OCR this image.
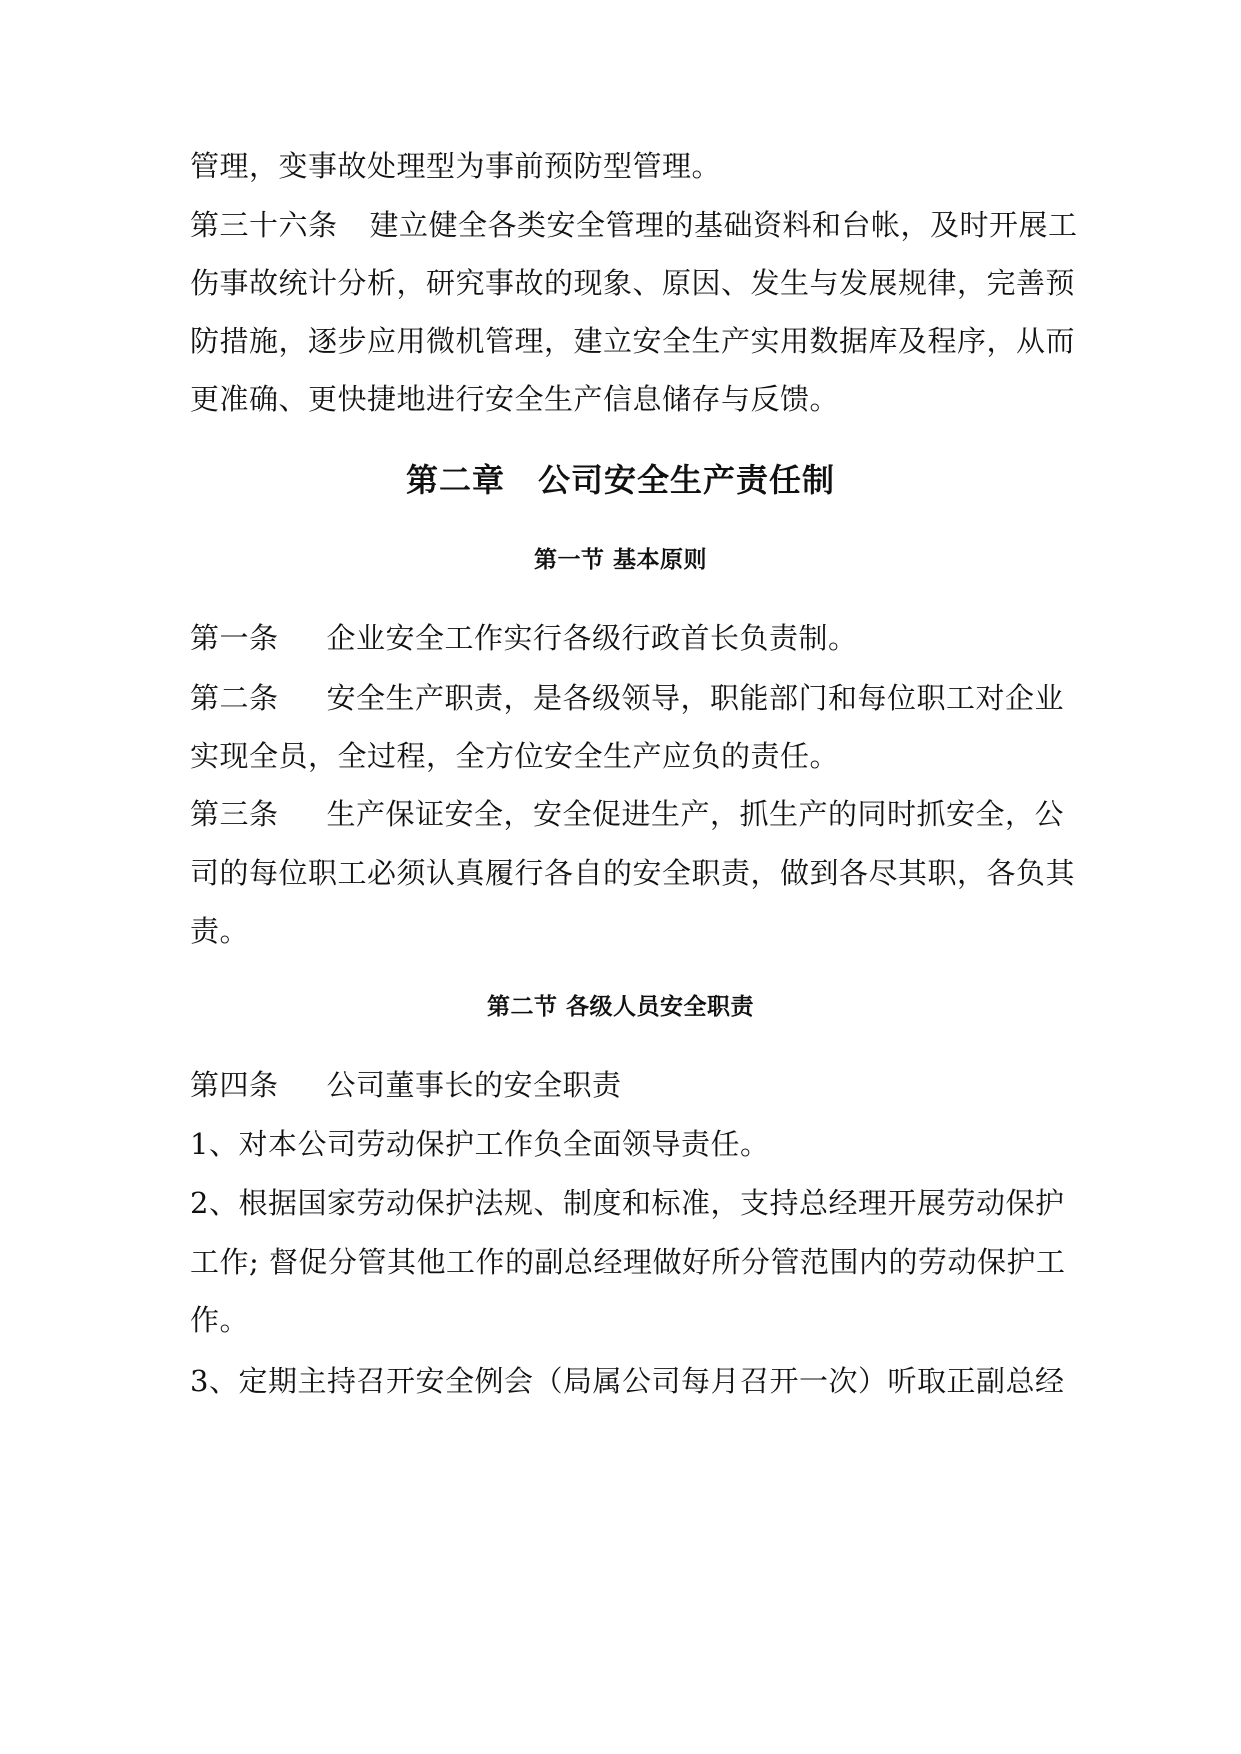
管理，变事故处理型为事前预防型管理。
第三十六条 建立健全各类安全管理的基础资料和台帐，及时开展工
伤事故统计分析，研究事故的现象、原因、发生与发展规律，完善预
防措施，逐步应用微机管理，建立安全生产实用数据库及程序，从而
更准确、更快捷地进行安全生产信息储存与反馈。
第二章　公司安全生产责任制
第一节 基本原则
第一条 企业安全工作实行各级行政首长负责制。
第二条 安全生产职责，是各级领导，职能部门和每位职工对企业
实现全员，全过程，全方位安全生产应负的责任。
第三条 生产保证安全，安全促进生产，抓生产的同时抓安全，公
司的每位职工必须认真履行各自的安全职责，做到各尽其职，各负其
责。
第二节 各级人员安全职责
第四条 公司董事长的安全职责
1、对本公司劳动保护工作负全面领导责任。
2、根据国家劳动保护法规、制度和标准，支持总经理开展劳动保护
工作; 督促分管其他工作的副总经理做好所分管范围内的劳动保护工
作。
3、定期主持召开安全例会（局属公司每月召开一次）听取正副总经
